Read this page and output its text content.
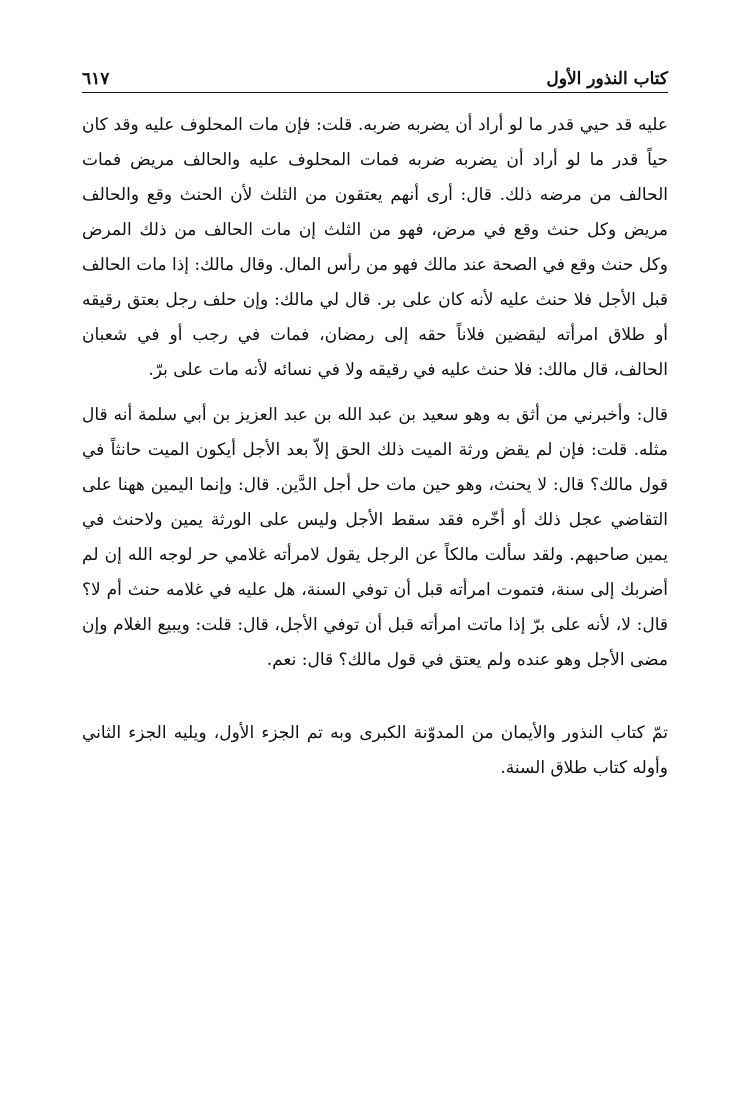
كتاب النذور الأول
٦١٧

عليه قد حيي قدر ما لو أراد أن يضربه ضربه. قلت: فإن مات المحلوف عليه وقد كان حياً قدر ما لو أراد أن يضربه ضربه فمات المحلوف عليه والحالف مريض فمات الحالف من مرضه ذلك. قال: أرى أنهم يعتقون من الثلث لأن الحنث وقع والحالف مريض وكل حنث وقع في مرض، فهو من الثلث إن مات الحالف من ذلك المرض وكل حنث وقع في الصحة عند مالك فهو من رأس المال. وقال مالك: إذا مات الحالف قبل الأجل فلا حنث عليه لأنه كان على بر. قال لي مالك: وإن حلف رجل بعتق رقيقه أو طلاق امرأته ليقضين فلاناً حقه إلى رمضان، فمات في رجب أو في شعبان الحالف، قال مالك: فلا حنث عليه في رقيقه ولا في نسائه لأنه مات على برّ.

قال: وأخبرني من أثق به وهو سعيد بن عبد الله بن عبد العزيز بن أبي سلمة أنه قال مثله. قلت: فإن لم يقض ورثة الميت ذلك الحق إلاّ بعد الأجل أيكون الميت حانثاً في قول مالك؟ قال: لا يحنث، وهو حين مات حل أجل الدَّين. قال: وإنما اليمين ههنا على التقاضي عجل ذلك أو أخّره فقد سقط الأجل وليس على الورثة يمين ولاحنث في يمين صاحبهم. ولقد سألت مالكاً عن الرجل يقول لامرأته غلامي حر لوجه الله إن لم أضربك إلى سنة، فتموت امرأته قبل أن توفي السنة، هل عليه في غلامه حنث أم لا؟ قال: لا، لأنه على برّ إذا ماتت امرأته قبل أن توفي الأجل، قال: قلت: ويبيع الغلام وإن مضى الأجل وهو عنده ولم يعتق في قول مالك؟ قال: نعم.

تمّ كتاب النذور والأيمان من المدوّنة الكبرى وبه تم الجزء الأول، ويليه الجزء الثاني وأوله كتاب طلاق السنة.
